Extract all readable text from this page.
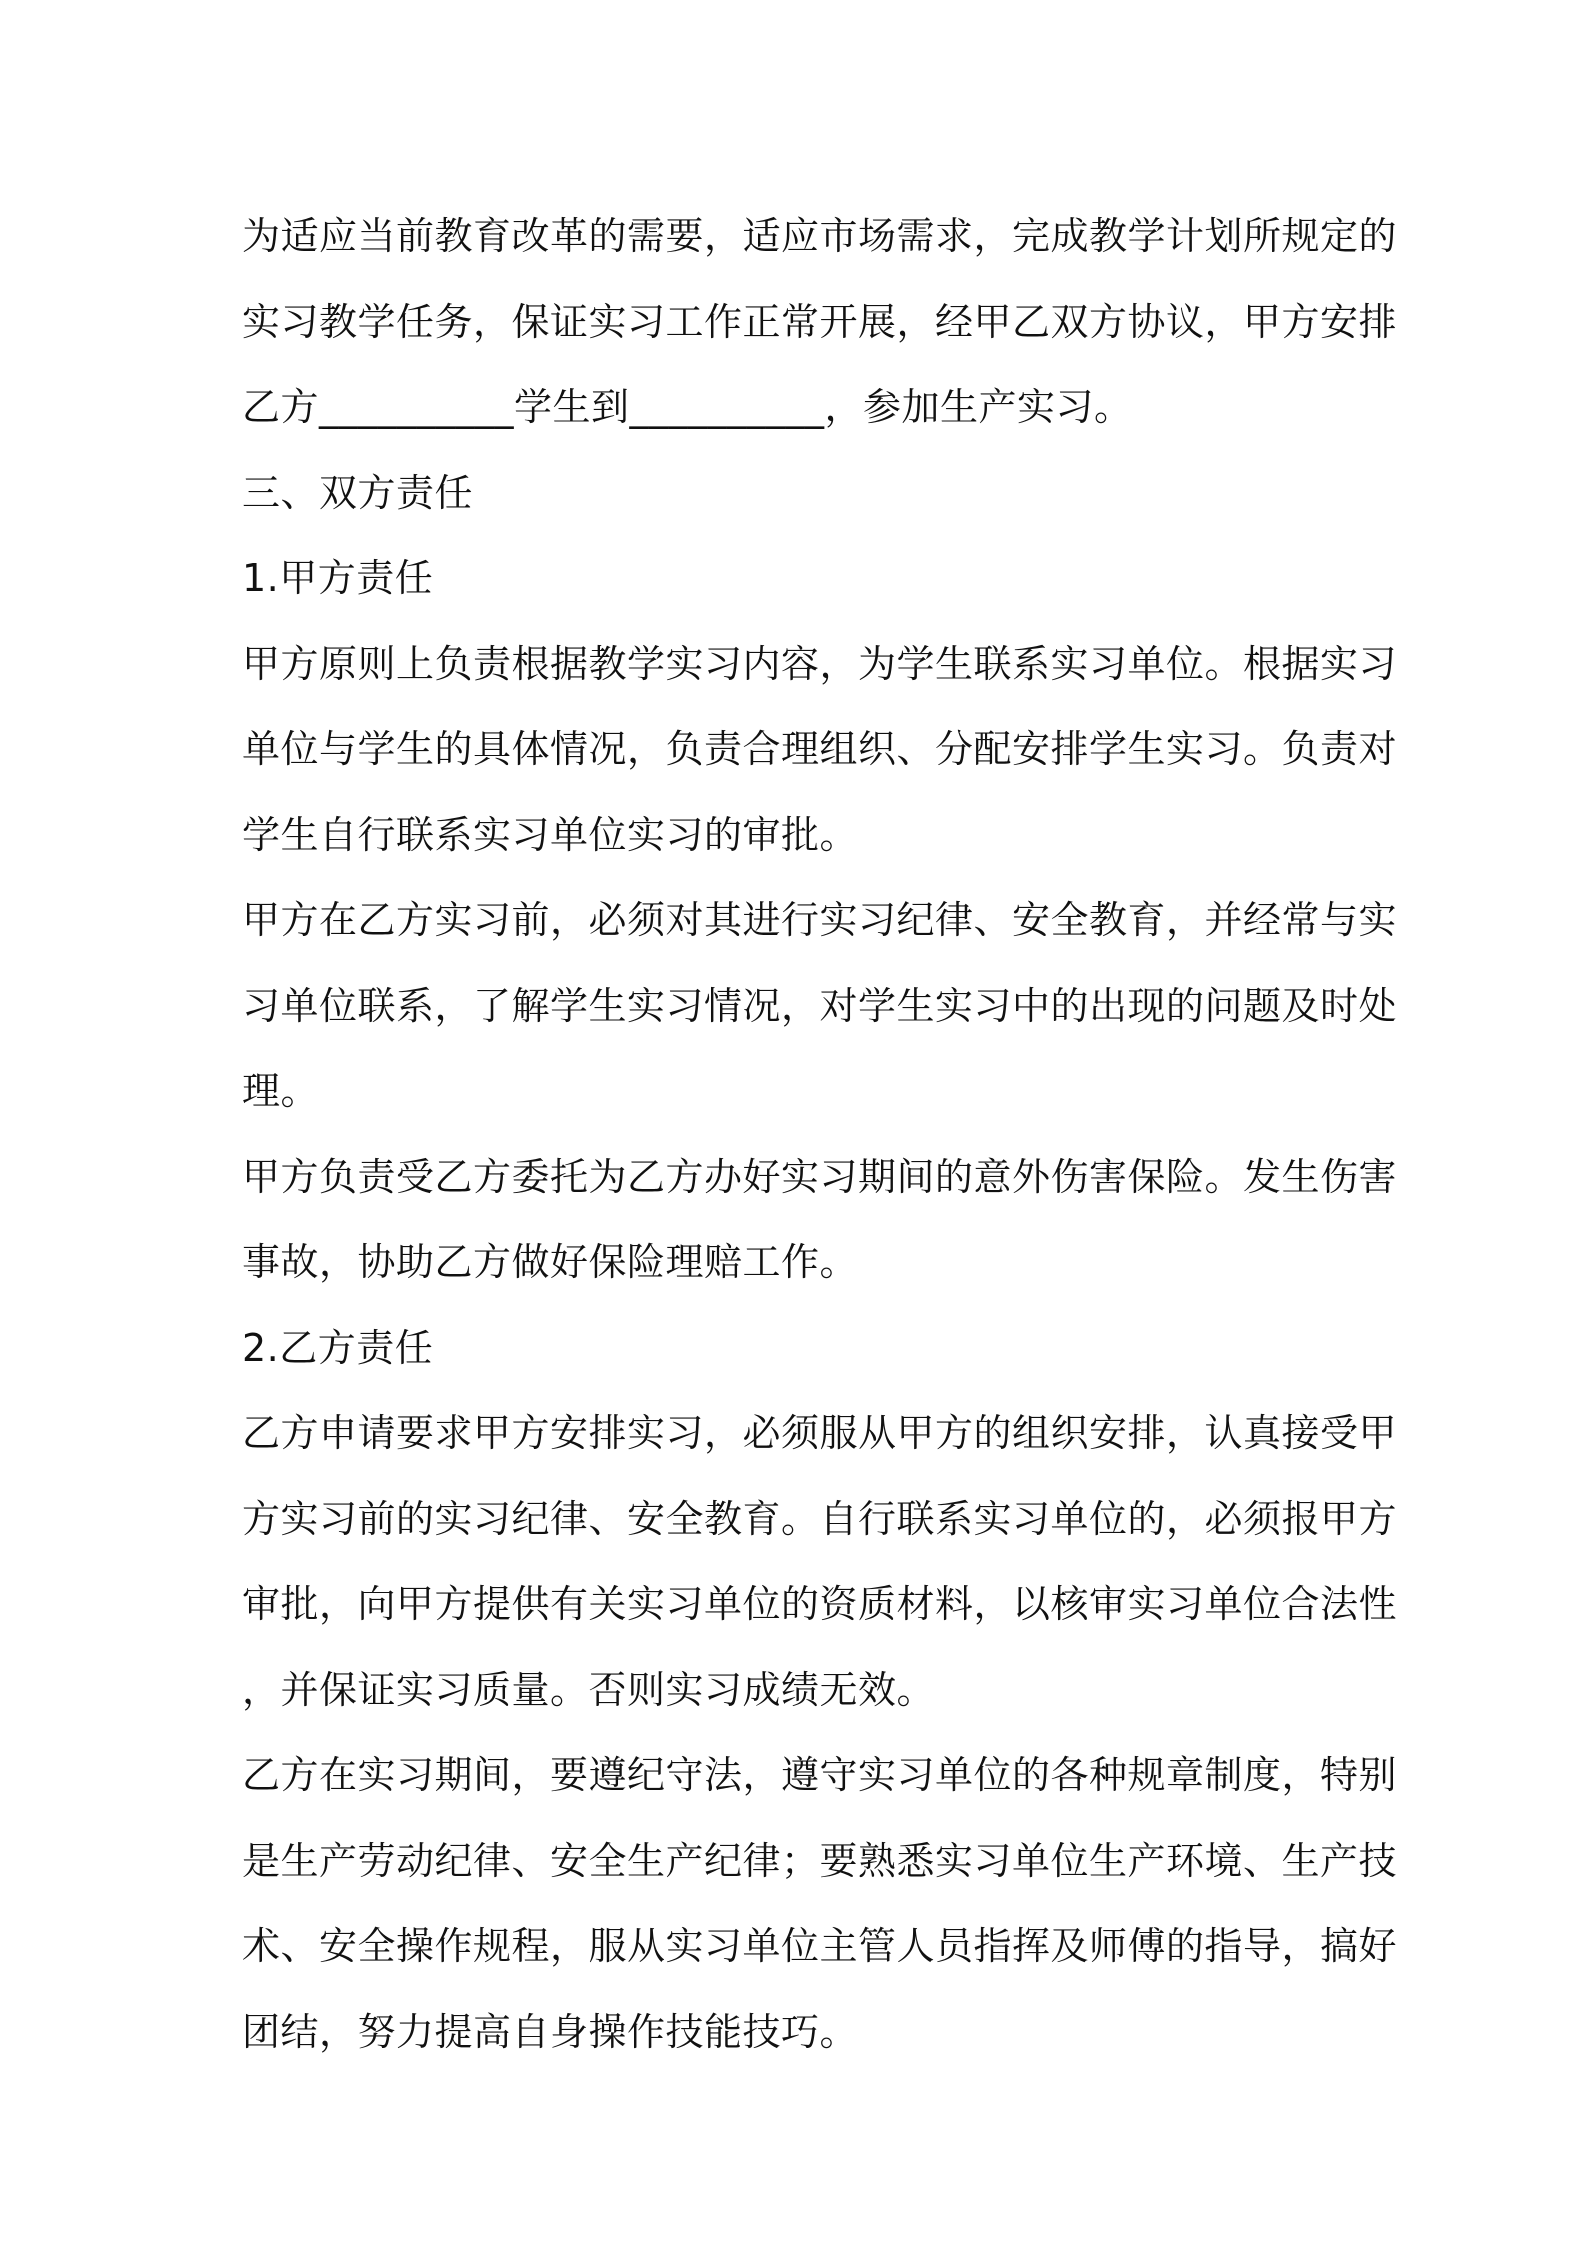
为适应当前教育改革的需要，适应市场需求，完成教学计划所规定的
实习教学任务，保证实习工作正常开展，经甲乙双方协议，甲方安排
乙方__________学生到__________，参加生产实习。

三、双方责任

1.甲方责任

甲方原则上负责根据教学实习内容，为学生联系实习单位。根据实习
单位与学生的具体情况，负责合理组织、分配安排学生实习。负责对
学生自行联系实习单位实习的审批。

甲方在乙方实习前，必须对其进行实习纪律、安全教育，并经常与实
习单位联系，了解学生实习情况，对学生实习中的出现的问题及时处
理。

甲方负责受乙方委托为乙方办好实习期间的意外伤害保险。发生伤害
事故，协助乙方做好保险理赔工作。

2.乙方责任

乙方申请要求甲方安排实习，必须服从甲方的组织安排，认真接受甲
方实习前的实习纪律、安全教育。自行联系实习单位的，必须报甲方
审批，向甲方提供有关实习单位的资质材料，以核审实习单位合法性
，并保证实习质量。否则实习成绩无效。

乙方在实习期间，要遵纪守法，遵守实习单位的各种规章制度，特别
是生产劳动纪律、安全生产纪律；要熟悉实习单位生产环境、生产技
术、安全操作规程，服从实习单位主管人员指挥及师傅的指导，搞好
团结，努力提高自身操作技能技巧。
